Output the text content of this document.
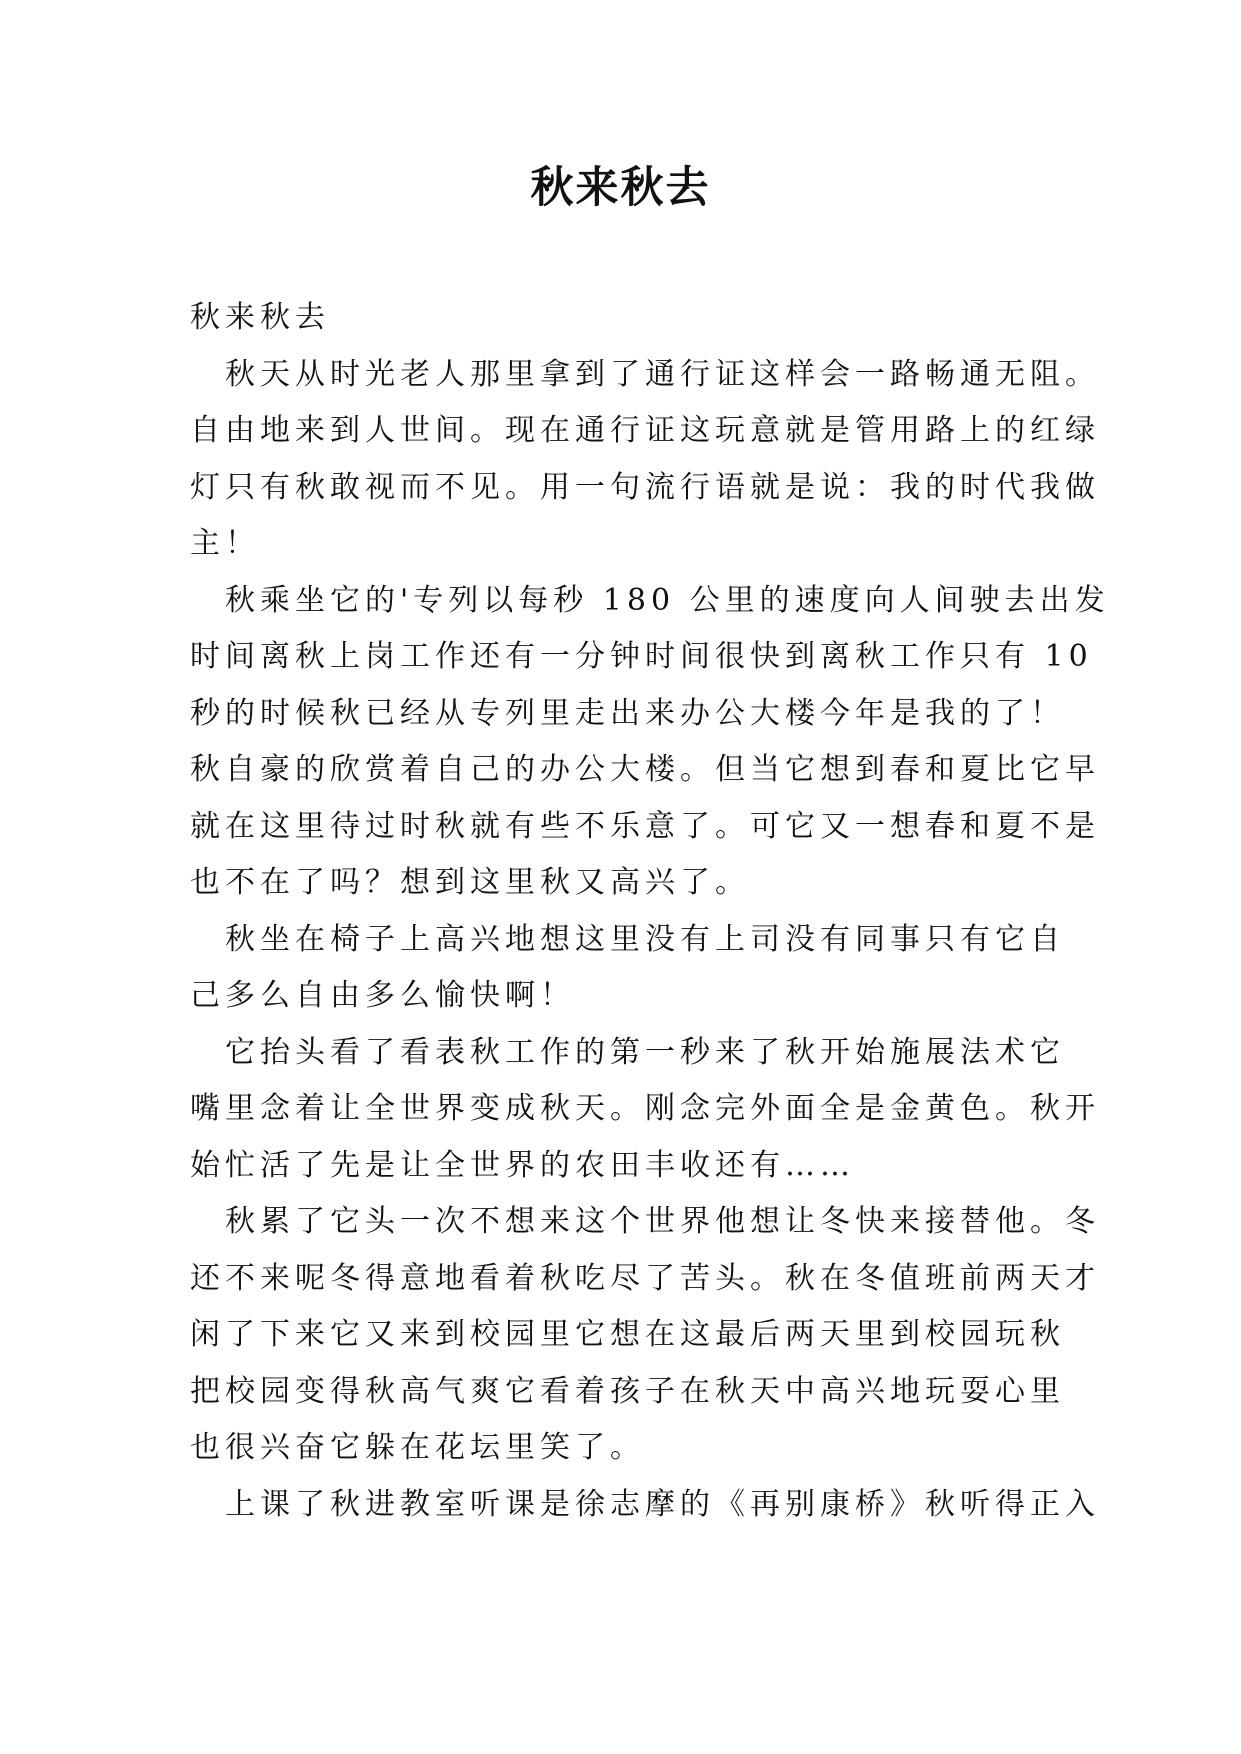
秋来秋去
秋来秋去
秋天从时光老人那里拿到了通行证这样会一路畅通无阻。
自由地来到人世间。现在通行证这玩意就是管用路上的红绿
灯只有秋敢视而不见。用一句流行语就是说：我的时代我做
主！
秋乘坐它的'专列以每秒 180 公里的速度向人间驶去出发
时间离秋上岗工作还有一分钟时间很快到离秋工作只有 10
秒的时候秋已经从专列里走出来办公大楼今年是我的了！
秋自豪的欣赏着自己的办公大楼。但当它想到春和夏比它早
就在这里待过时秋就有些不乐意了。可它又一想春和夏不是
也不在了吗？想到这里秋又高兴了。
秋坐在椅子上高兴地想这里没有上司没有同事只有它自
己多么自由多么愉快啊！
它抬头看了看表秋工作的第一秒来了秋开始施展法术它
嘴里念着让全世界变成秋天。刚念完外面全是金黄色。秋开
始忙活了先是让全世界的农田丰收还有……
秋累了它头一次不想来这个世界他想让冬快来接替他。冬
还不来呢冬得意地看着秋吃尽了苦头。秋在冬值班前两天才
闲了下来它又来到校园里它想在这最后两天里到校园玩秋
把校园变得秋高气爽它看着孩子在秋天中高兴地玩耍心里
也很兴奋它躲在花坛里笑了。
上课了秋进教室听课是徐志摩的《再别康桥》秋听得正入
